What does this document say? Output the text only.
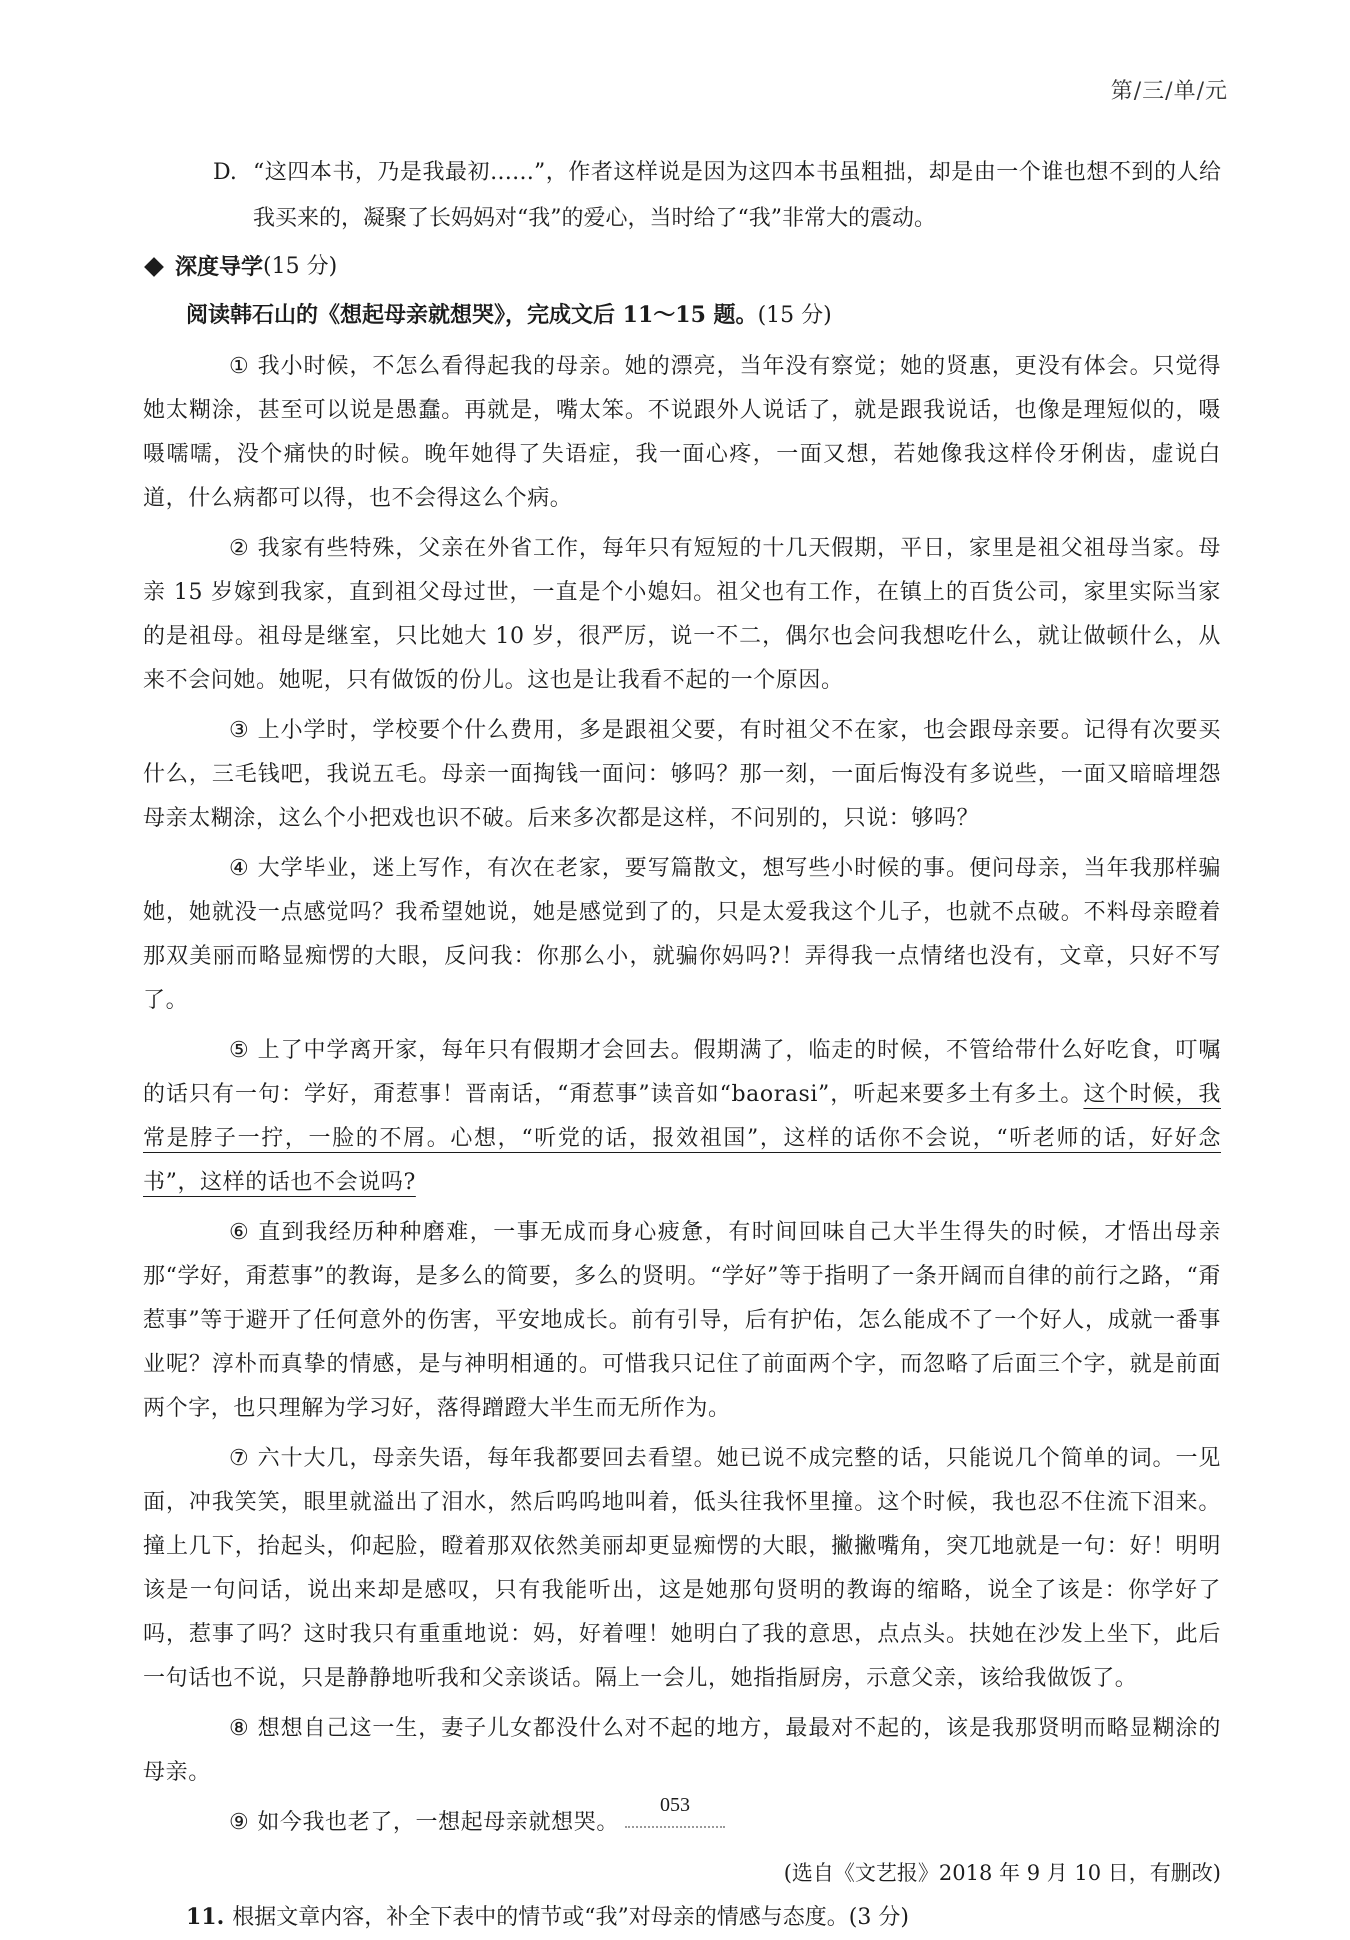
第/三/单/元
D. “这四本书，乃是我最初……”，作者这样说是因为这四本书虽粗拙，却是由一个谁也想不到的人给我买来的，凝聚了长妈妈对“我”的爱心，当时给了“我”非常大的震动。

深度导学 (15 分)
阅读韩石山的《想起母亲就想哭》，完成文后 11～15 题。(15 分)

① 我小时候，不怎么看得起我的母亲。她的漂亮，当年没有察觉；她的贤惠，更没有体会。只觉得她太糊涂，甚至可以说是愚蠢。再就是，嘴太笨。不说跟外人说话了，就是跟我说话，也像是理短似的，嗫嗫嚅嚅，没个痛快的时候。晚年她得了失语症，我一面心疼，一面又想，若她像我这样伶牙俐齿，虚说白道，什么病都可以得，也不会得这么个病。

② 我家有些特殊，父亲在外省工作，每年只有短短的十几天假期，平日，家里是祖父祖母当家。母亲 15 岁嫁到我家，直到祖父母过世，一直是个小媳妇。祖父也有工作，在镇上的百货公司，家里实际当家的是祖母。祖母是继室，只比她大 10 岁，很严厉，说一不二，偶尔也会问我想吃什么，就让做顿什么，从来不会问她。她呢，只有做饭的份儿。这也是让我看不起的一个原因。

③ 上小学时，学校要个什么费用，多是跟祖父要，有时祖父不在家，也会跟母亲要。记得有次要买什么，三毛钱吧，我说五毛。母亲一面掏钱一面问：够吗？那一刻，一面后悔没有多说些，一面又暗暗埋怨母亲太糊涂，这么个小把戏也识不破。后来多次都是这样，不问别的，只说：够吗？

④ 大学毕业，迷上写作，有次在老家，要写篇散文，想写些小时候的事。便问母亲，当年我那样骗她，她就没一点感觉吗？我希望她说，她是感觉到了的，只是太爱我这个儿子，也就不点破。不料母亲瞪着那双美丽而略显痴愣的大眼，反问我：你那么小，就骗你妈吗?！弄得我一点情绪也没有，文章，只好不写了。

⑤ 上了中学离开家，每年只有假期才会回去。假期满了，临走的时候，不管给带什么好吃食，叮嘱的话只有一句：学好，甭惹事！晋南话，“甭惹事”读音如“baorasi”，听起来要多土有多土。这个时候，我常是脖子一拧，一脸的不屑。心想，“听党的话，报效祖国”，这样的话你不会说，“听老师的话，好好念书”，这样的话也不会说吗?

⑥ 直到我经历种种磨难，一事无成而身心疲惫，有时间回味自己大半生得失的时候，才悟出母亲那“学好，甭惹事”的教诲，是多么的简要，多么的贤明。“学好”等于指明了一条开阔而自律的前行之路，“甭惹事”等于避开了任何意外的伤害，平安地成长。前有引导，后有护佑，怎么能成不了一个好人，成就一番事业呢？淳朴而真挚的情感，是与神明相通的。可惜我只记住了前面两个字，而忽略了后面三个字，就是前面两个字，也只理解为学习好，落得蹭蹬大半生而无所作为。

⑦ 六十大几，母亲失语，每年我都要回去看望。她已说不成完整的话，只能说几个简单的词。一见面，冲我笑笑，眼里就溢出了泪水，然后呜呜地叫着，低头往我怀里撞。这个时候，我也忍不住流下泪来。撞上几下，抬起头，仰起脸，瞪着那双依然美丽却更显痴愣的大眼，撇撇嘴角，突兀地就是一句：好！明明该是一句问话，说出来却是感叹，只有我能听出，这是她那句贤明的教诲的缩略，说全了该是：你学好了吗，惹事了吗？这时我只有重重地说：妈，好着哩！她明白了我的意思，点点头。扶她在沙发上坐下，此后一句话也不说，只是静静地听我和父亲谈话。隔上一会儿，她指指厨房，示意父亲，该给我做饭了。

⑧ 想想自己这一生，妻子儿女都没什么对不起的地方，最最对不起的，该是我那贤明而略显糊涂的母亲。

⑨ 如今我也老了，一想起母亲就想哭。

(选自《文艺报》2018 年 9 月 10 日，有删改)
11. 根据文章内容，补全下表中的情节或“我”对母亲的情感与态度。(3 分)
053
